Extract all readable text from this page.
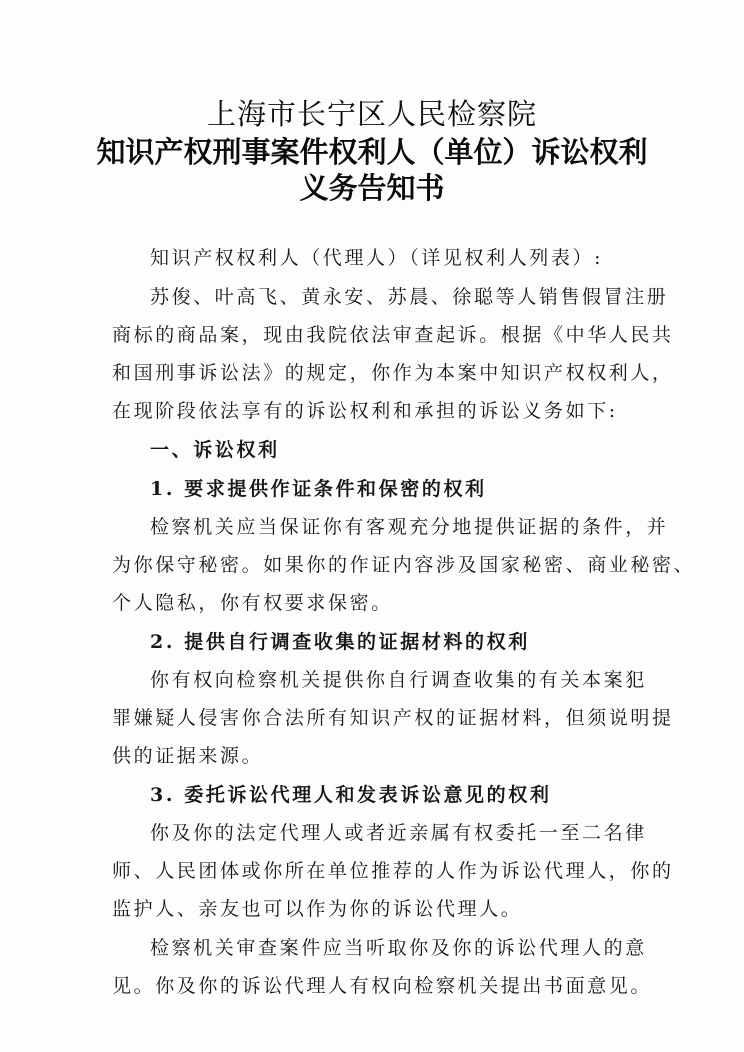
上海市长宁区人民检察院
知识产权刑事案件权利人（单位）诉讼权利
义务告知书
知识产权权利人（代理人）（详见权利人列表）:
苏俊、叶高飞、黄永安、苏晨、徐聪等人销售假冒注册
商标的商品案，现由我院依法审查起诉。根据《中华人民共
和国刑事诉讼法》的规定，你作为本案中知识产权权利人，
在现阶段依法享有的诉讼权利和承担的诉讼义务如下:
一、诉讼权利
1. 要求提供作证条件和保密的权利
检察机关应当保证你有客观充分地提供证据的条件，并
为你保守秘密。如果你的作证内容涉及国家秘密、商业秘密、
个人隐私，你有权要求保密。
2. 提供自行调查收集的证据材料的权利
你有权向检察机关提供你自行调查收集的有关本案犯
罪嫌疑人侵害你合法所有知识产权的证据材料，但须说明提
供的证据来源。
3. 委托诉讼代理人和发表诉讼意见的权利
你及你的法定代理人或者近亲属有权委托一至二名律
师、人民团体或你所在单位推荐的人作为诉讼代理人，你的
监护人、亲友也可以作为你的诉讼代理人。
检察机关审查案件应当听取你及你的诉讼代理人的意
见。你及你的诉讼代理人有权向检察机关提出书面意见。
